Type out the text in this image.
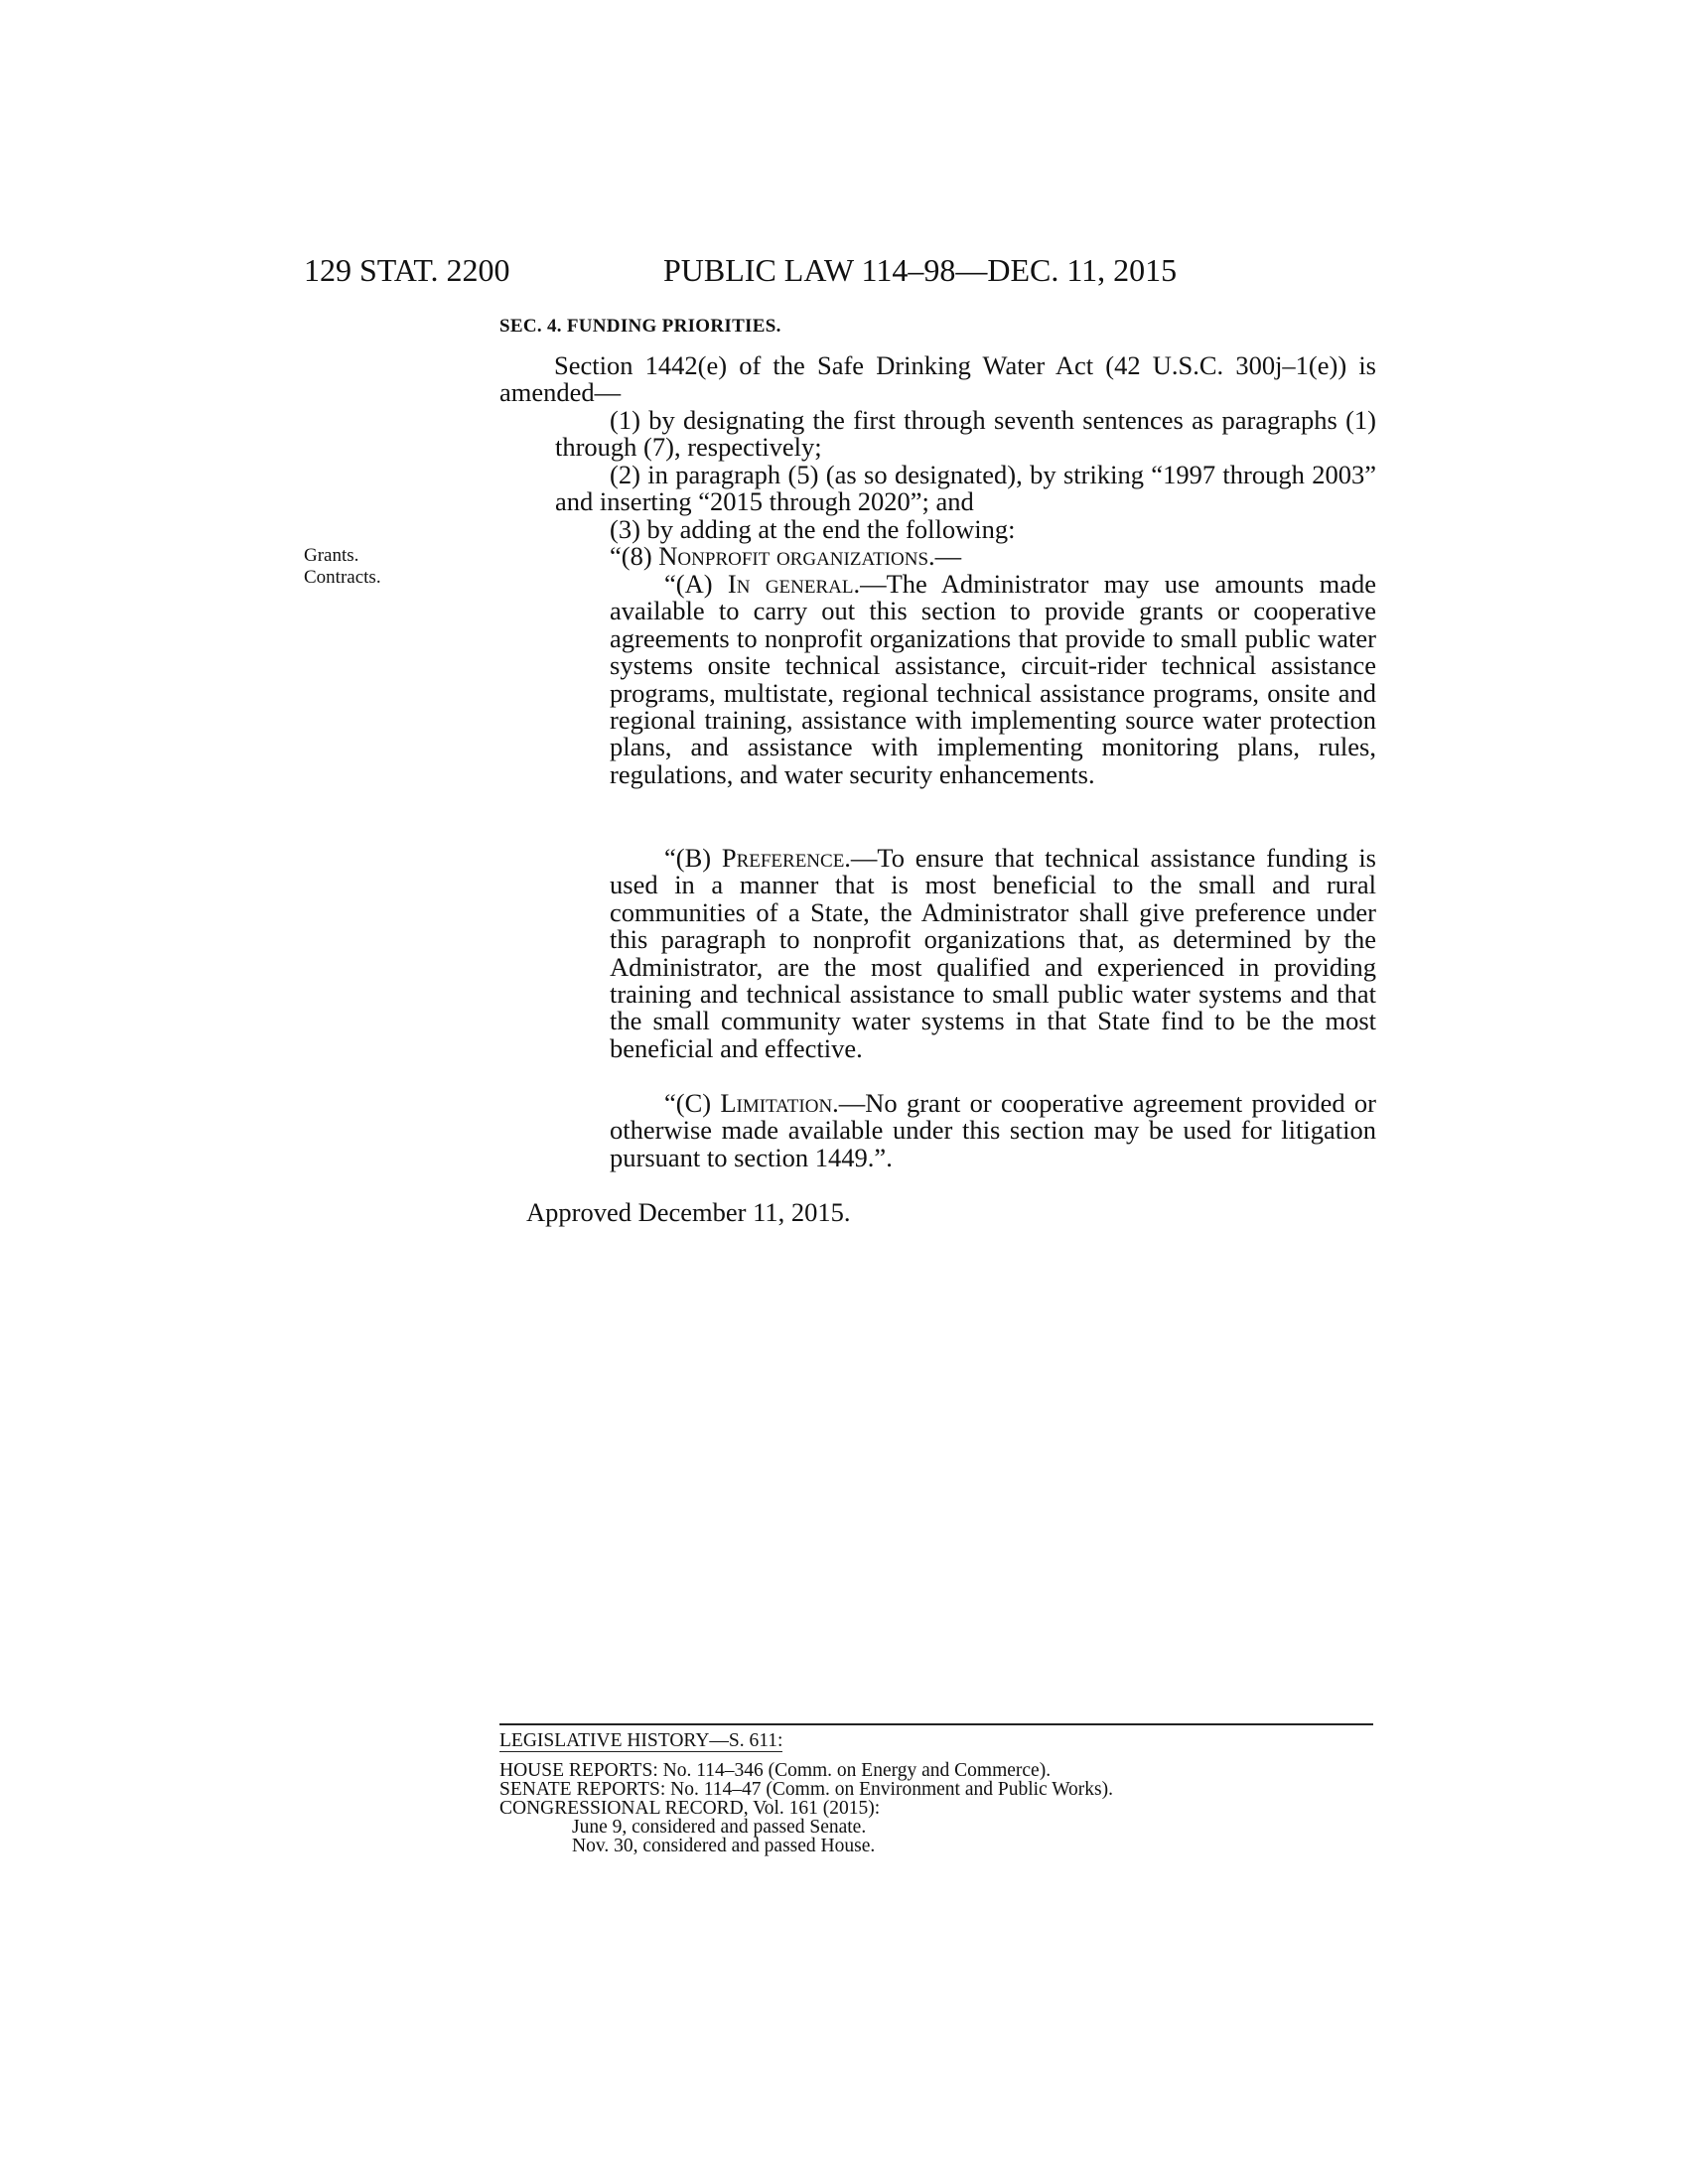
129 STAT. 2200	PUBLIC LAW 114–98—DEC. 11, 2015
SEC. 4. FUNDING PRIORITIES.
Grants.
Contracts.

Section 1442(e) of the Safe Drinking Water Act (42 U.S.C. 300j–1(e)) is amended—

(1) by designating the first through seventh sentences as paragraphs (1) through (7), respectively;

(2) in paragraph (5) (as so designated), by striking “1997 through 2003” and inserting “2015 through 2020”; and

(3) by adding at the end the following:

“(8) Nonprofit organizations.—

“(A) In general.—The Administrator may use amounts made available to carry out this section to provide grants or cooperative agreements to nonprofit organizations that provide to small public water systems onsite technical assistance, circuit-rider technical assistance programs, multistate, regional technical assistance programs, onsite and regional training, assistance with implementing source water protection plans, and assistance with implementing monitoring plans, rules, regulations, and water security enhancements.

“(B) Preference.—To ensure that technical assistance funding is used in a manner that is most beneficial to the small and rural communities of a State, the Administrator shall give preference under this paragraph to nonprofit organizations that, as determined by the Administrator, are the most qualified and experienced in providing training and technical assistance to small public water systems and that the small community water systems in that State find to be the most beneficial and effective.

“(C) Limitation.—No grant or cooperative agreement provided or otherwise made available under this section may be used for litigation pursuant to section 1449.”.

Approved December 11, 2015.

LEGISLATIVE HISTORY—S. 611:
HOUSE REPORTS: No. 114–346 (Comm. on Energy and Commerce).
SENATE REPORTS: No. 114–47 (Comm. on Environment and Public Works).
CONGRESSIONAL RECORD, Vol. 161 (2015):
June 9, considered and passed Senate.
Nov. 30, considered and passed House.
